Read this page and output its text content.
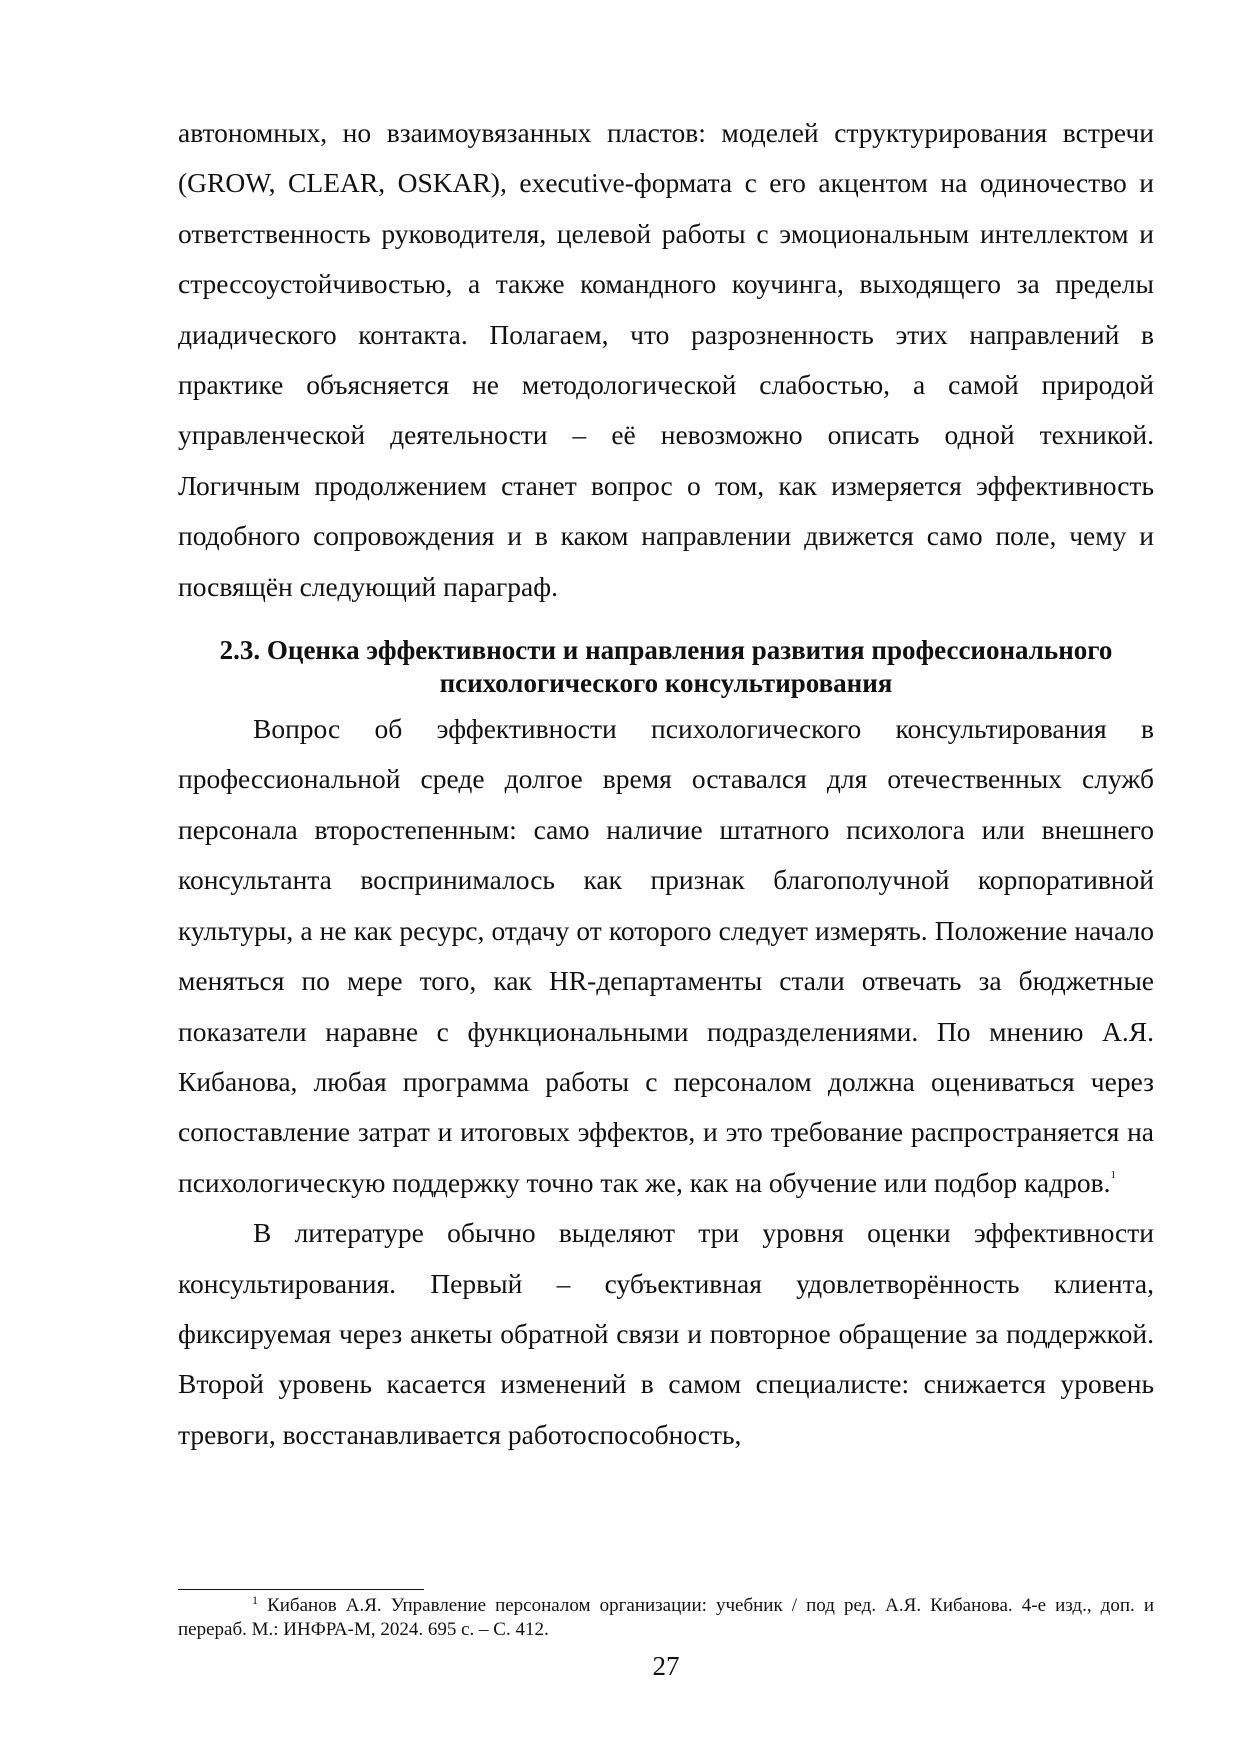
автономных, но взаимоувязанных пластов: моделей структурирования встречи (GROW, CLEAR, OSKAR), executive-формата с его акцентом на одиночество и ответственность руководителя, целевой работы с эмоциональным интеллектом и стрессоустойчивостью, а также командного коучинга, выходящего за пределы диадического контакта. Полагаем, что разрозненность этих направлений в практике объясняется не методологической слабостью, а самой природой управленческой деятельности – её невозможно описать одной техникой. Логичным продолжением станет вопрос о том, как измеряется эффективность подобного сопровождения и в каком направлении движется само поле, чему и посвящён следующий параграф.

2.3. Оценка эффективности и направления развития профессионального
психологического консультирования

Вопрос об эффективности психологического консультирования в профессиональной среде долгое время оставался для отечественных служб персонала второстепенным: само наличие штатного психолога или внешнего консультанта воспринималось как признак благополучной корпоративной культуры, а не как ресурс, отдачу от которого следует измерять. Положение начало меняться по мере того, как HR-департаменты стали отвечать за бюджетные показатели наравне с функциональными подразделениями. По мнению А.Я. Кибанова, любая программа работы с персоналом должна оцениваться через сопоставление затрат и итоговых эффектов, и это требование распространяется на психологическую поддержку точно так же, как на обучение или подбор кадров.$^1$

В литературе обычно выделяют три уровня оценки эффективности консультирования. Первый – субъективная удовлетворённость клиента, фиксируемая через анкеты обратной связи и повторное обращение за поддержкой. Второй уровень касается изменений в самом специалисте: снижается уровень тревоги, восстанавливается работоспособность,

$^1$ Кибанов А.Я. Управление персоналом организации: учебник / под ред. А.Я. Кибанова. 4-е изд., доп. и перераб. М.: ИНФРА-М, 2024. 695 с. – С. 412.
27
